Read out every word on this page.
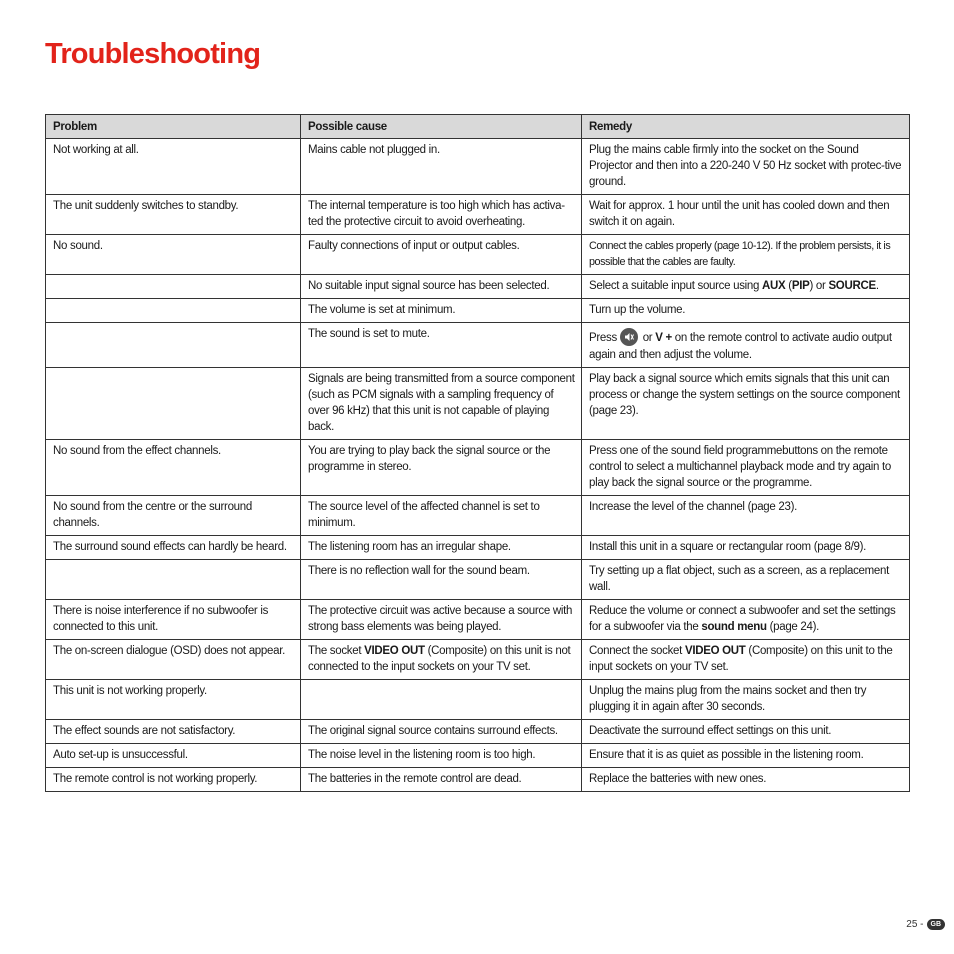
Troubleshooting
Problem	Possible cause	Remedy
Not working at all.	Mains cable not plugged in.	Plug the mains cable firmly into the socket on the Sound Projector and then into a 220-240 V 50 Hz socket with protec-tive ground.
The unit suddenly switches to standby.	The internal temperature is too high which has activa-ted the protective circuit to avoid overheating.	Wait for approx. 1 hour until the unit has cooled down and then switch it on again.
No sound.	Faulty connections of input or output cables.	Connect the cables properly (page 10-12). If the problem persists, it is possible that the cables are faulty.
	No suitable input signal source has been selected.	Select a suitable input source using AUX (PIP) or SOURCE.
	The volume is set at minimum.	Turn up the volume.
	The sound is set to mute.	Press
or V + on the remote control to activate audio output again and then adjust the volume.
	Signals are being transmitted from a source component (such as PCM signals with a sampling frequency of over 96 kHz) that this unit is not capable of playing back.	Play back a signal source which emits signals that this unit can process or change the system settings on the source component (page 23).
No sound from the effect channels.	You are trying to play back the signal source or the programme in stereo.	Press one of the sound field programmebuttons on the remote control to select a multichannel playback mode and try again to play back the signal source or the programme.
No sound from the centre or the surround channels.	The source level of the affected channel is set to minimum.	Increase the level of the channel (page 23).
The surround sound effects can hardly be heard.	The listening room has an irregular shape.	Install this unit in a square or rectangular room (page 8/9).
	There is no reflection wall for the sound beam.	Try setting up a flat object, such as a screen, as a replacement wall.
There is noise interference if no subwoofer is connected to this unit.	The protective circuit was active because a source with strong bass elements was being played.	Reduce the volume or connect a subwoofer and set the settings for a subwoofer via the sound menu (page 24).
The on-screen dialogue (OSD) does not appear.	The socket VIDEO OUT (Composite) on this unit is not connected to the input sockets on your TV set.	Connect the socket VIDEO OUT (Composite) on this unit to the input sockets on your TV set.
This unit is not working properly.		Unplug the mains plug from the mains socket and then try plugging it in again after 30 seconds.
The effect sounds are not satisfactory.	The original signal source contains surround effects.	Deactivate the surround effect settings on this unit.
Auto set-up is unsuccessful.	The noise level in the listening room is too high.	Ensure that it is as quiet as possible in the listening room.
The remote control is not working properly.	The batteries in the remote control are dead.	Replace the batteries with new ones.
25 -	GB
